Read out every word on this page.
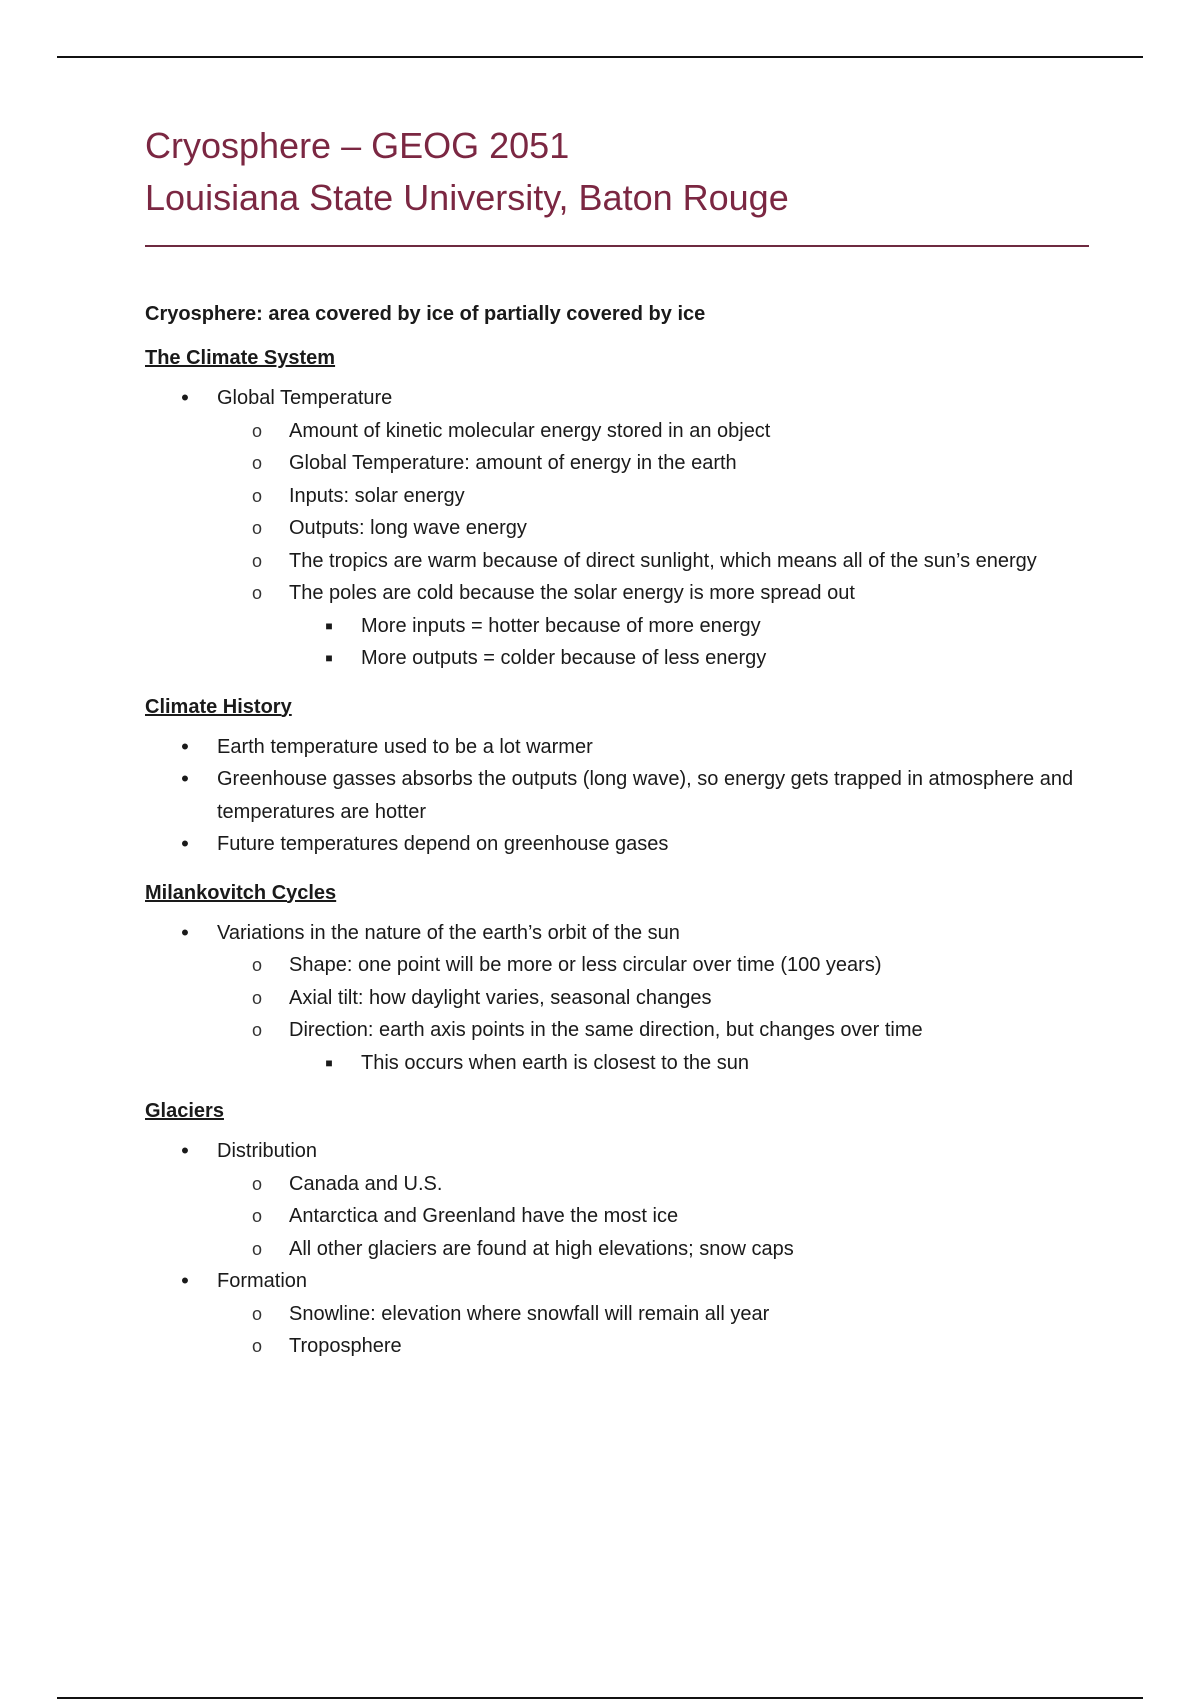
Cryosphere – GEOG 2051
Louisiana State University, Baton Rouge
Cryosphere: area covered by ice of partially covered by ice
The Climate System
•	Global Temperature
o Amount of kinetic molecular energy stored in an object
o Global Temperature: amount of energy in the earth
o Inputs: solar energy
o Outputs: long wave energy
o The tropics are warm because of direct sunlight, which means all of the sun’s energy
o The poles are cold because the solar energy is more spread out
■	More inputs = hotter because of more energy
■	More outputs = colder because of less energy
Climate History
•	Earth temperature used to be a lot warmer
•	Greenhouse gasses absorbs the outputs (long wave), so energy gets trapped in atmosphere and temperatures are hotter
•	Future temperatures depend on greenhouse gases
Milankovitch Cycles
•	Variations in the nature of the earth’s orbit of the sun
o Shape: one point will be more or less circular over time (100 years)
o Axial tilt: how daylight varies, seasonal changes
o Direction: earth axis points in the same direction, but changes over time
■	This occurs when earth is closest to the sun
Glaciers
•	Distribution
o Canada and U.S.
o Antarctica and Greenland have the most ice
o All other glaciers are found at high elevations; snow caps
•	Formation
o Snowline: elevation where snowfall will remain all year
o Troposphere
